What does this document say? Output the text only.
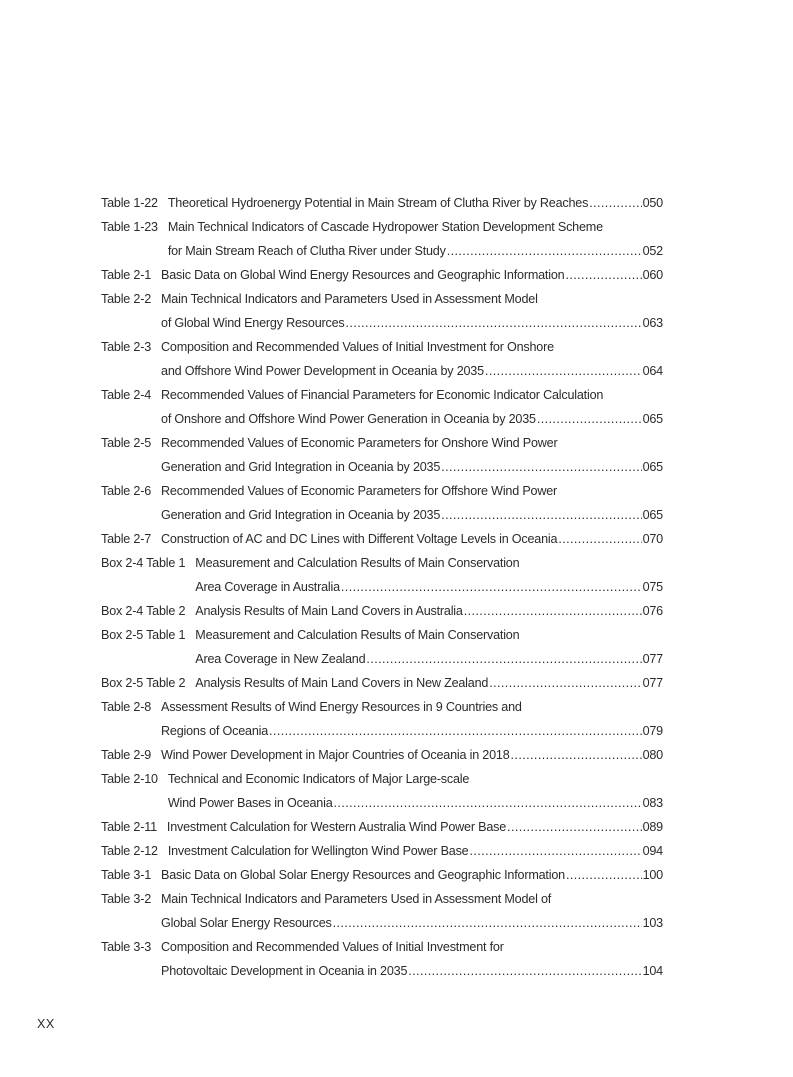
Table 1-22 Theoretical Hydroenergy Potential in Main Stream of Clutha River by Reaches .....	050
Table 1-23 Main Technical Indicators of Cascade Hydropower Station Development Scheme
for Main Stream Reach of Clutha River under Study .....	052
Table 2-1 Basic Data on Global Wind Energy Resources and Geographic Information .....	060
Table 2-2 Main Technical Indicators and Parameters Used in Assessment Model
of Global Wind Energy Resources .....	063
Table 2-3 Composition and Recommended Values of Initial Investment for Onshore
and Offshore Wind Power Development in Oceania by 2035 .....	064
Table 2-4 Recommended Values of Financial Parameters for Economic Indicator Calculation
of Onshore and Offshore Wind Power Generation in Oceania by 2035 .....	065
Table 2-5 Recommended Values of Economic Parameters for Onshore Wind Power
Generation and Grid Integration in Oceania by 2035 .....	065
Table 2-6 Recommended Values of Economic Parameters for Offshore Wind Power
Generation and Grid Integration in Oceania by 2035 .....	065
Table 2-7 Construction of AC and DC Lines with Different Voltage Levels in Oceania .....	070
Box 2-4 Table 1 Measurement and Calculation Results of Main Conservation
Area Coverage in Australia .....	075
Box 2-4 Table 2 Analysis Results of Main Land Covers in Australia .....	076
Box 2-5 Table 1 Measurement and Calculation Results of Main Conservation
Area Coverage in New Zealand .....	077
Box 2-5 Table 2 Analysis Results of Main Land Covers in New Zealand .....	077
Table 2-8 Assessment Results of Wind Energy Resources in 9 Countries and
Regions of Oceania .....	079
Table 2-9 Wind Power Development in Major Countries of Oceania in 2018 .....	080
Table 2-10 Technical and Economic Indicators of Major Large-scale
Wind Power Bases in Oceania .....	083
Table 2-11 Investment Calculation for Western Australia Wind Power Base .....	089
Table 2-12 Investment Calculation for Wellington Wind Power Base .....	094
Table 3-1 Basic Data on Global Solar Energy Resources and Geographic Information .....	100
Table 3-2 Main Technical Indicators and Parameters Used in Assessment Model of
Global Solar Energy Resources .....	103
Table 3-3 Composition and Recommended Values of Initial Investment for
Photovoltaic Development in Oceania in 2035 .....	104
XX
